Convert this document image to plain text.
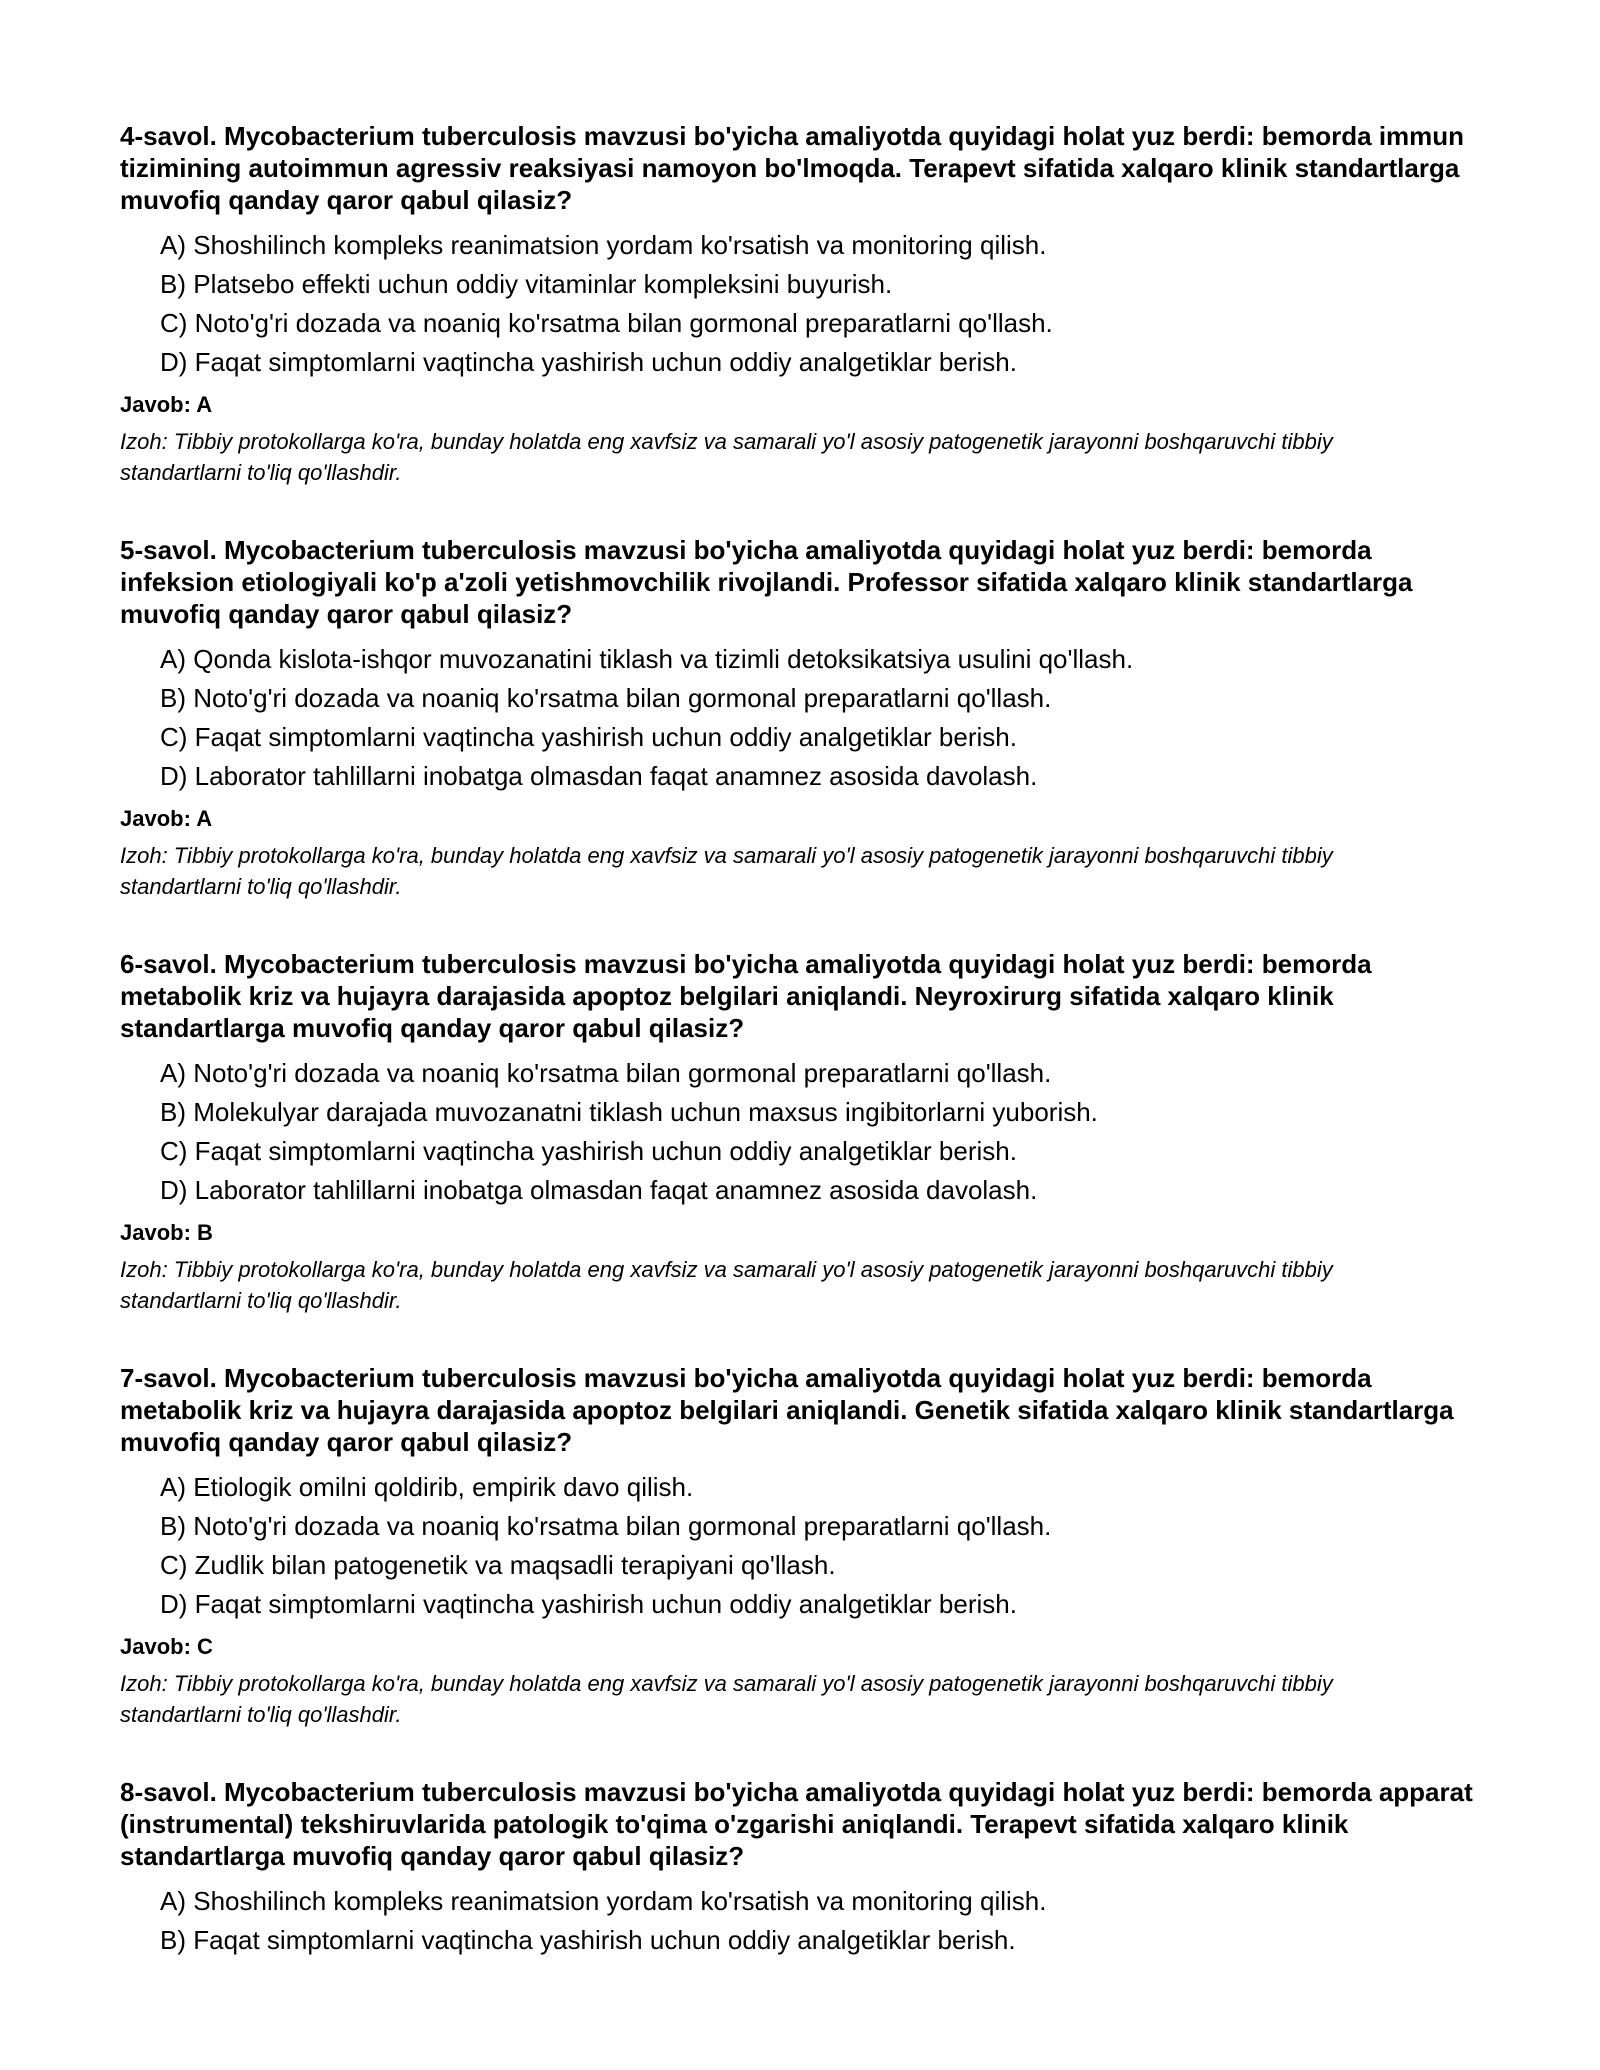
4-savol. Mycobacterium tuberculosis mavzusi bo'yicha amaliyotda quyidagi holat yuz berdi: bemorda immun tizimining autoimmun agressiv reaksiyasi namoyon bo'lmoqda. Terapevt sifatida xalqaro klinik standartlarga muvofiq qanday qaror qabul qilasiz?
A) Shoshilinch kompleks reanimatsion yordam ko'rsatish va monitoring qilish.
B) Platsebo effekti uchun oddiy vitaminlar kompleksini buyurish.
C) Noto'g'ri dozada va noaniq ko'rsatma bilan gormonal preparatlarni qo'llash.
D) Faqat simptomlarni vaqtincha yashirish uchun oddiy analgetiklar berish.
Javob: A
Izoh: Tibbiy protokollarga ko'ra, bunday holatda eng xavfsiz va samarali yo'l asosiy patogenetik jarayonni boshqaruvchi tibbiy standartlarni to'liq qo'llashdir.
5-savol. Mycobacterium tuberculosis mavzusi bo'yicha amaliyotda quyidagi holat yuz berdi: bemorda infeksion etiologiyali ko'p a'zoli yetishmovchilik rivojlandi. Professor sifatida xalqaro klinik standartlarga muvofiq qanday qaror qabul qilasiz?
A) Qonda kislota-ishqor muvozanatini tiklash va tizimli detoksikatsiya usulini qo'llash.
B) Noto'g'ri dozada va noaniq ko'rsatma bilan gormonal preparatlarni qo'llash.
C) Faqat simptomlarni vaqtincha yashirish uchun oddiy analgetiklar berish.
D) Laborator tahlillarni inobatga olmasdan faqat anamnez asosida davolash.
Javob: A
Izoh: Tibbiy protokollarga ko'ra, bunday holatda eng xavfsiz va samarali yo'l asosiy patogenetik jarayonni boshqaruvchi tibbiy standartlarni to'liq qo'llashdir.
6-savol. Mycobacterium tuberculosis mavzusi bo'yicha amaliyotda quyidagi holat yuz berdi: bemorda metabolik kriz va hujayra darajasida apoptoz belgilari aniqlandi. Neyroxirurg sifatida xalqaro klinik standartlarga muvofiq qanday qaror qabul qilasiz?
A) Noto'g'ri dozada va noaniq ko'rsatma bilan gormonal preparatlarni qo'llash.
B) Molekulyar darajada muvozanatni tiklash uchun maxsus ingibitorlarni yuborish.
C) Faqat simptomlarni vaqtincha yashirish uchun oddiy analgetiklar berish.
D) Laborator tahlillarni inobatga olmasdan faqat anamnez asosida davolash.
Javob: B
Izoh: Tibbiy protokollarga ko'ra, bunday holatda eng xavfsiz va samarali yo'l asosiy patogenetik jarayonni boshqaruvchi tibbiy standartlarni to'liq qo'llashdir.
7-savol. Mycobacterium tuberculosis mavzusi bo'yicha amaliyotda quyidagi holat yuz berdi: bemorda metabolik kriz va hujayra darajasida apoptoz belgilari aniqlandi. Genetik sifatida xalqaro klinik standartlarga muvofiq qanday qaror qabul qilasiz?
A) Etiologik omilni qoldirib, empirik davo qilish.
B) Noto'g'ri dozada va noaniq ko'rsatma bilan gormonal preparatlarni qo'llash.
C) Zudlik bilan patogenetik va maqsadli terapiyani qo'llash.
D) Faqat simptomlarni vaqtincha yashirish uchun oddiy analgetiklar berish.
Javob: C
Izoh: Tibbiy protokollarga ko'ra, bunday holatda eng xavfsiz va samarali yo'l asosiy patogenetik jarayonni boshqaruvchi tibbiy standartlarni to'liq qo'llashdir.
8-savol. Mycobacterium tuberculosis mavzusi bo'yicha amaliyotda quyidagi holat yuz berdi: bemorda apparat (instrumental) tekshiruvlarida patologik to'qima o'zgarishi aniqlandi. Terapevt sifatida xalqaro klinik standartlarga muvofiq qanday qaror qabul qilasiz?
A) Shoshilinch kompleks reanimatsion yordam ko'rsatish va monitoring qilish.
B) Faqat simptomlarni vaqtincha yashirish uchun oddiy analgetiklar berish.
